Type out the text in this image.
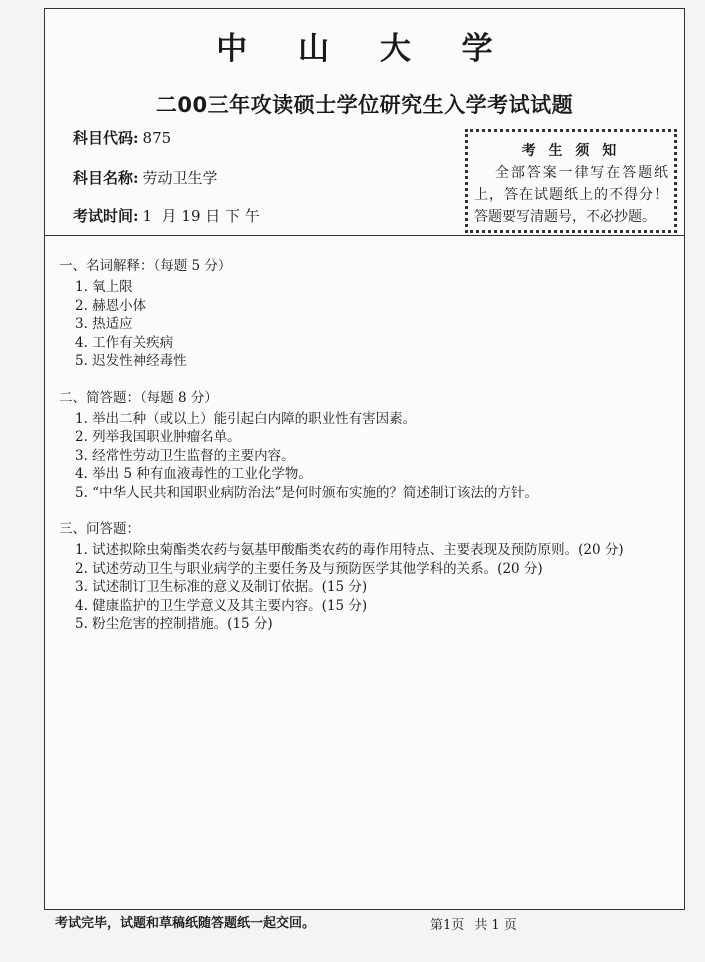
中 山 大 学
二00三年攻读硕士学位研究生入学考试试题
科目代码: 875
科目名称: 劳动卫生学
考试时间: 1  月 19 日 下 午
考 生 须 知
全部答案一律写在答题纸上，答在试题纸上的不得分！答题要写清题号，不必抄题。
一、名词解释：（每题 5 分）
1. 氧上限
2. 赫恩小体
3. 热适应
4. 工作有关疾病
5. 迟发性神经毒性
二、简答题：（每题 8 分）
1. 举出二种（或以上）能引起白内障的职业性有害因素。
2. 列举我国职业肿瘤名单。
3. 经常性劳动卫生监督的主要内容。
4. 举出 5 种有血液毒性的工业化学物。
5. “中华人民共和国职业病防治法”是何时颁布实施的？简述制订该法的方针。
三、问答题：
1. 试述拟除虫菊酯类农药与氨基甲酸酯类农药的毒作用特点、主要表现及预防原则。(20 分)
2. 试述劳动卫生与职业病学的主要任务及与预防医学其他学科的关系。(20 分)
3. 试述制订卫生标准的意义及制订依据。(15 分)
4. 健康监护的卫生学意义及其主要内容。(15 分)
5. 粉尘危害的控制措施。(15 分)
考试完毕，试题和草稿纸随答题纸一起交回。	第1页 共 1 页
